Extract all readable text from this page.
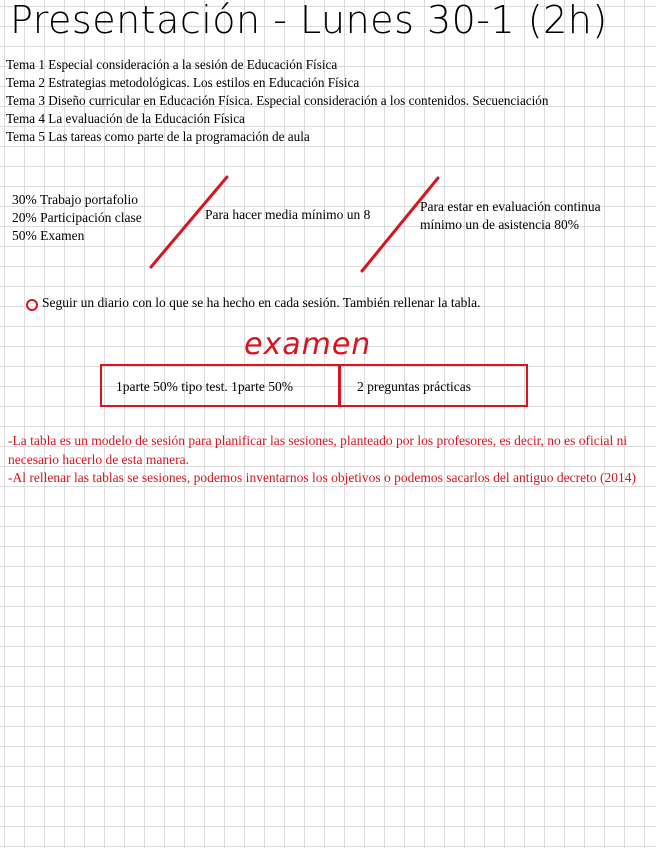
Presentación - Lunes 30-1 (2h)
Tema 1 Especial consideración a la sesión de Educación Física
Tema 2 Estrategias metodológicas. Los estilos en Educación Física
Tema 3 Diseño curricular en Educación Física. Especial consideración a los contenidos. Secuenciación
Tema 4 La evaluación de la Educación Física
Tema 5 Las tareas como parte de la programación de aula
30% Trabajo portafolio
20% Participación clase
50% Examen
Para hacer media mínimo un 8
Para estar en evaluación continua
mínimo un de asistencia 80%
Seguir un diario con lo que se ha hecho en cada sesión. También rellenar la tabla.
examen
1parte 50% tipo test. 1parte 50%	2 preguntas prácticas
-La tabla es un modelo de sesión para planificar las sesiones, planteado por los profesores, es decir, no es oficial ni necesario hacerlo de esta manera.
-Al rellenar las tablas se sesiones, podemos inventarnos los objetivos o podemos sacarlos del antiguo decreto (2014)
